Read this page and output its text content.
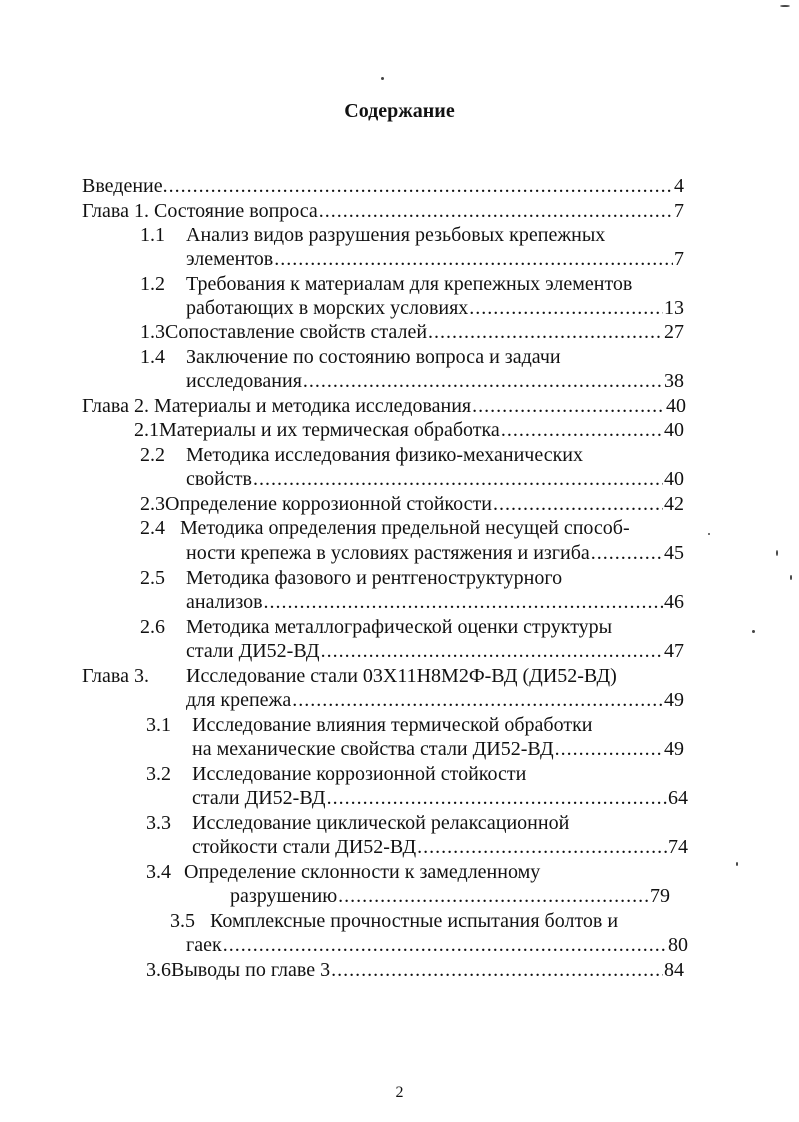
Содержание
Введение. .....	4
Глава 1. Состояние вопроса .....	7
1.1	Анализ видов разрушения резьбовых крепежных
элементов .....	7
1.2	Требования к материалам для крепежных элементов
работающих в морских условиях .....	13
1.3 Сопоставление свойств сталей .....	27
1.4	Заключение по состоянию вопроса и задачи
исследования .....	38
Глава 2. Материалы и методика исследования .....	40
2.1 Материалы и их термическая обработка .....	40
2.2	Методика исследования физико-механических
свойств .....	40
2.3 Определение коррозионной стойкости .....	42
2.4 Методика определения предельной несущей способ-
ности крепежа в условиях растяжения и изгиба .....	45
2.5	Методика фазового и рентгеноструктурного
анализов .....	46
2.6	Методика металлографической оценки структуры
стали ДИ52-ВД .....	47
Глава 3.	Исследование стали 03Х11Н8М2Ф-ВД (ДИ52-ВД)
для крепежа .....	49
3.1	Исследование влияния термической обработки
на механические свойства стали ДИ52-ВД .....	49
3.2	Исследование коррозионной стойкости
стали ДИ52-ВД .....	64
3.3	Исследование циклической релаксационной
стойкости стали ДИ52-ВД .....	74
3.4 Определение склонности к замедленному
разрушению .....	79
3.5 Комплексные прочностные испытания болтов и
гаек .....	80
3.6 Выводы по главе 3 .....	84
2
